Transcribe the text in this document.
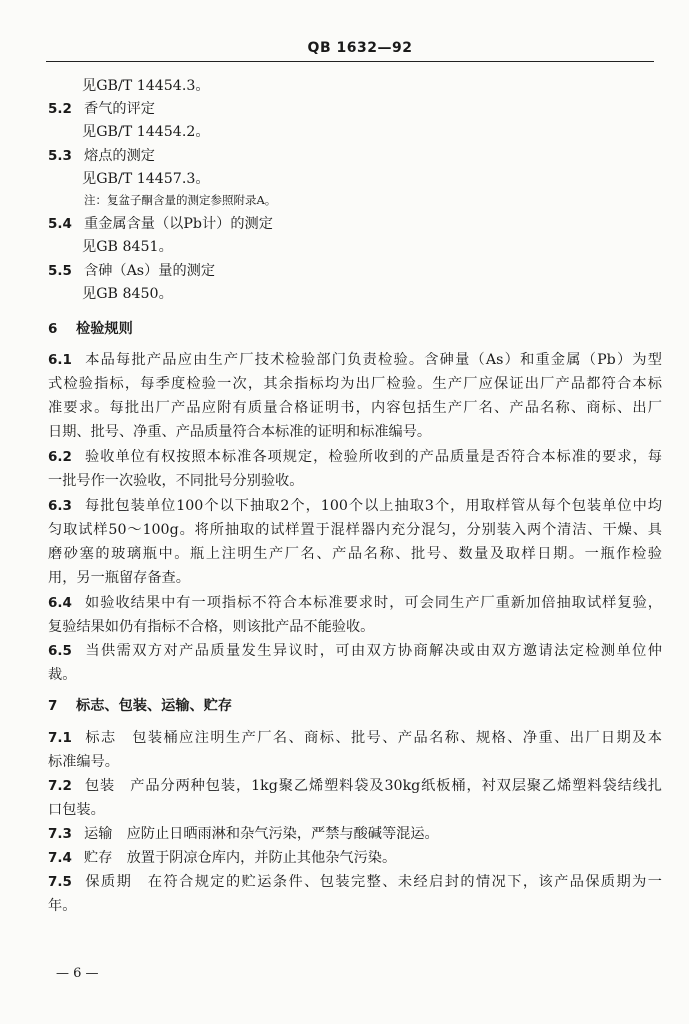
QB 1632—92
见GB/T 14454.3。
5.2 香气的评定
见GB/T 14454.2。
5.3 熔点的测定
见GB/T 14457.3。
注：复盆子酮含量的测定参照附录A。
5.4 重金属含量（以Pb计）的测定
见GB 8451。
5.5 含砷（As）量的测定
见GB 8450。
6 检验规则
6.1 本品每批产品应由生产厂技术检验部门负责检验。含砷量（As）和重金属（Pb）为型
式检验指标，每季度检验一次，其余指标均为出厂检验。生产厂应保证出厂产品都符合本标
准要求。每批出厂产品应附有质量合格证明书，内容包括生产厂名、产品名称、商标、出厂
日期、批号、净重、产品质量符合本标准的证明和标准编号。
6.2 验收单位有权按照本标准各项规定，检验所收到的产品质量是否符合本标准的要求，每
一批号作一次验收，不同批号分别验收。
6.3 每批包装单位100个以下抽取2个，100个以上抽取3个，用取样管从每个包装单位中均
匀取试样50～100g。将所抽取的试样置于混样器内充分混匀，分别装入两个清洁、干燥、具
磨砂塞的玻璃瓶中。瓶上注明生产厂名、产品名称、批号、数量及取样日期。一瓶作检验
用，另一瓶留存备查。
6.4 如验收结果中有一项指标不符合本标准要求时，可会同生产厂重新加倍抽取试样复验，
复验结果如仍有指标不合格，则该批产品不能验收。
6.5 当供需双方对产品质量发生异议时，可由双方协商解决或由双方邀请法定检测单位仲
裁。
7 标志、包装、运输、贮存
7.1 标志　包装桶应注明生产厂名、商标、批号、产品名称、规格、净重、出厂日期及本
标准编号。
7.2 包装　产品分两种包装，1kg聚乙烯塑料袋及30kg纸板桶，衬双层聚乙烯塑料袋结线扎
口包装。
7.3 运输　应防止日晒雨淋和杂气污染，严禁与酸碱等混运。
7.4 贮存　放置于阴凉仓库内，并防止其他杂气污染。
7.5 保质期　在符合规定的贮运条件、包装完整、未经启封的情况下，该产品保质期为一
年。
— 6 —
